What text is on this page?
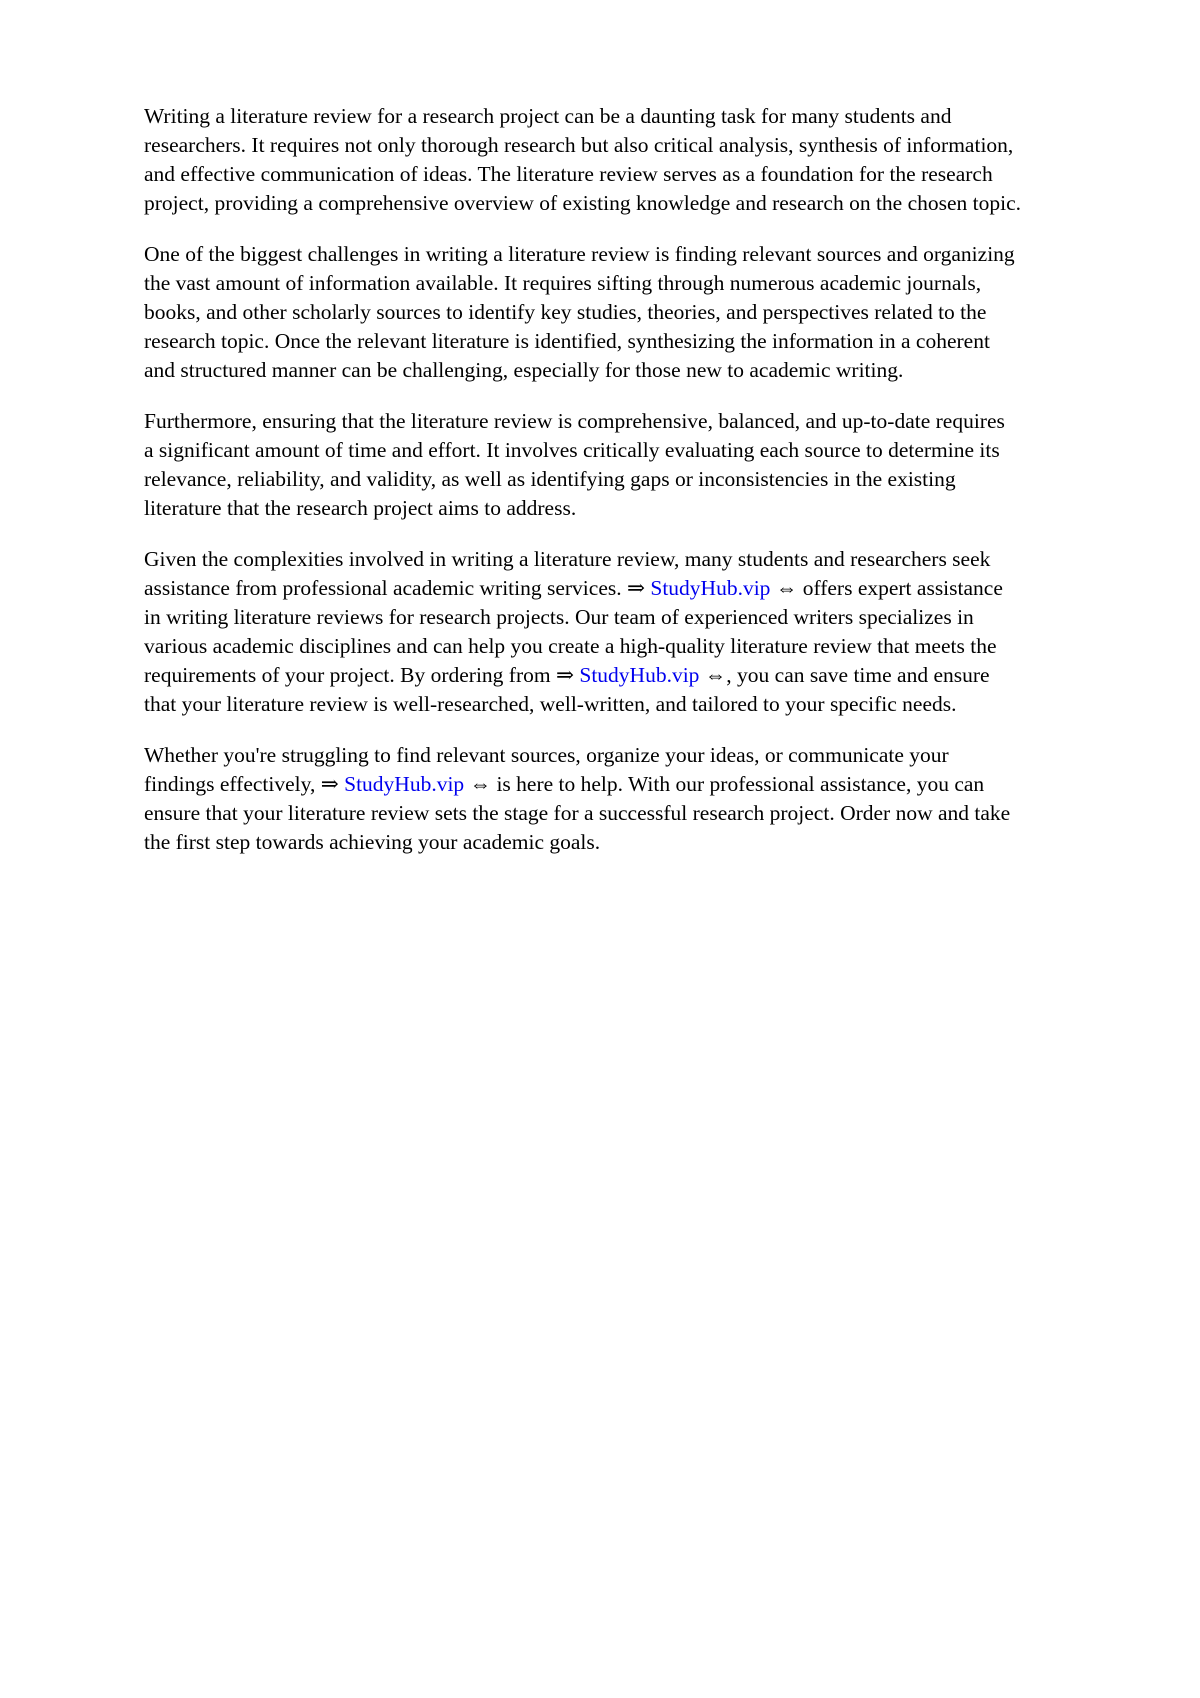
Writing a literature review for a research project can be a daunting task for many students and
researchers. It requires not only thorough research but also critical analysis, synthesis of information,
and effective communication of ideas. The literature review serves as a foundation for the research
project, providing a comprehensive overview of existing knowledge and research on the chosen topic.

One of the biggest challenges in writing a literature review is finding relevant sources and organizing
the vast amount of information available. It requires sifting through numerous academic journals,
books, and other scholarly sources to identify key studies, theories, and perspectives related to the
research topic. Once the relevant literature is identified, synthesizing the information in a coherent
and structured manner can be challenging, especially for those new to academic writing.

Furthermore, ensuring that the literature review is comprehensive, balanced, and up-to-date requires
a significant amount of time and effort. It involves critically evaluating each source to determine its
relevance, reliability, and validity, as well as identifying gaps or inconsistencies in the existing
literature that the research project aims to address.

Given the complexities involved in writing a literature review, many students and researchers seek
assistance from professional academic writing services. ⇒ StudyHub.vip ⇔ offers expert assistance
in writing literature reviews for research projects. Our team of experienced writers specializes in
various academic disciplines and can help you create a high-quality literature review that meets the
requirements of your project. By ordering from ⇒ StudyHub.vip ⇔, you can save time and ensure
that your literature review is well-researched, well-written, and tailored to your specific needs.

Whether you're struggling to find relevant sources, organize your ideas, or communicate your
findings effectively, ⇒ StudyHub.vip ⇔ is here to help. With our professional assistance, you can
ensure that your literature review sets the stage for a successful research project. Order now and take
the first step towards achieving your academic goals.
